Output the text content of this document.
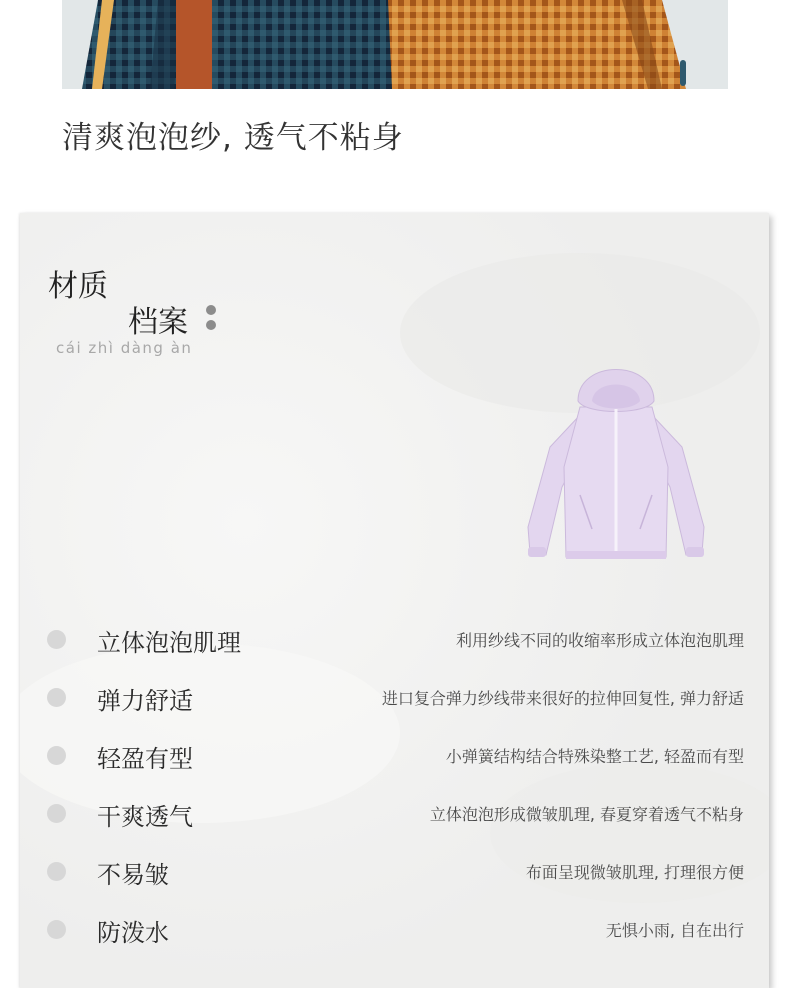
清爽泡泡纱, 透气不粘身
材质
档案
cái zhì dàng àn
立体泡泡肌理	利用纱线不同的收缩率形成立体泡泡肌理
弹力舒适	进口复合弹力纱线带来很好的拉伸回复性, 弹力舒适
轻盈有型	小弹簧结构结合特殊染整工艺, 轻盈而有型
干爽透气	立体泡泡形成微皱肌理, 春夏穿着透气不粘身
不易皱	布面呈现微皱肌理, 打理很方便
防泼水	无惧小雨, 自在出行
